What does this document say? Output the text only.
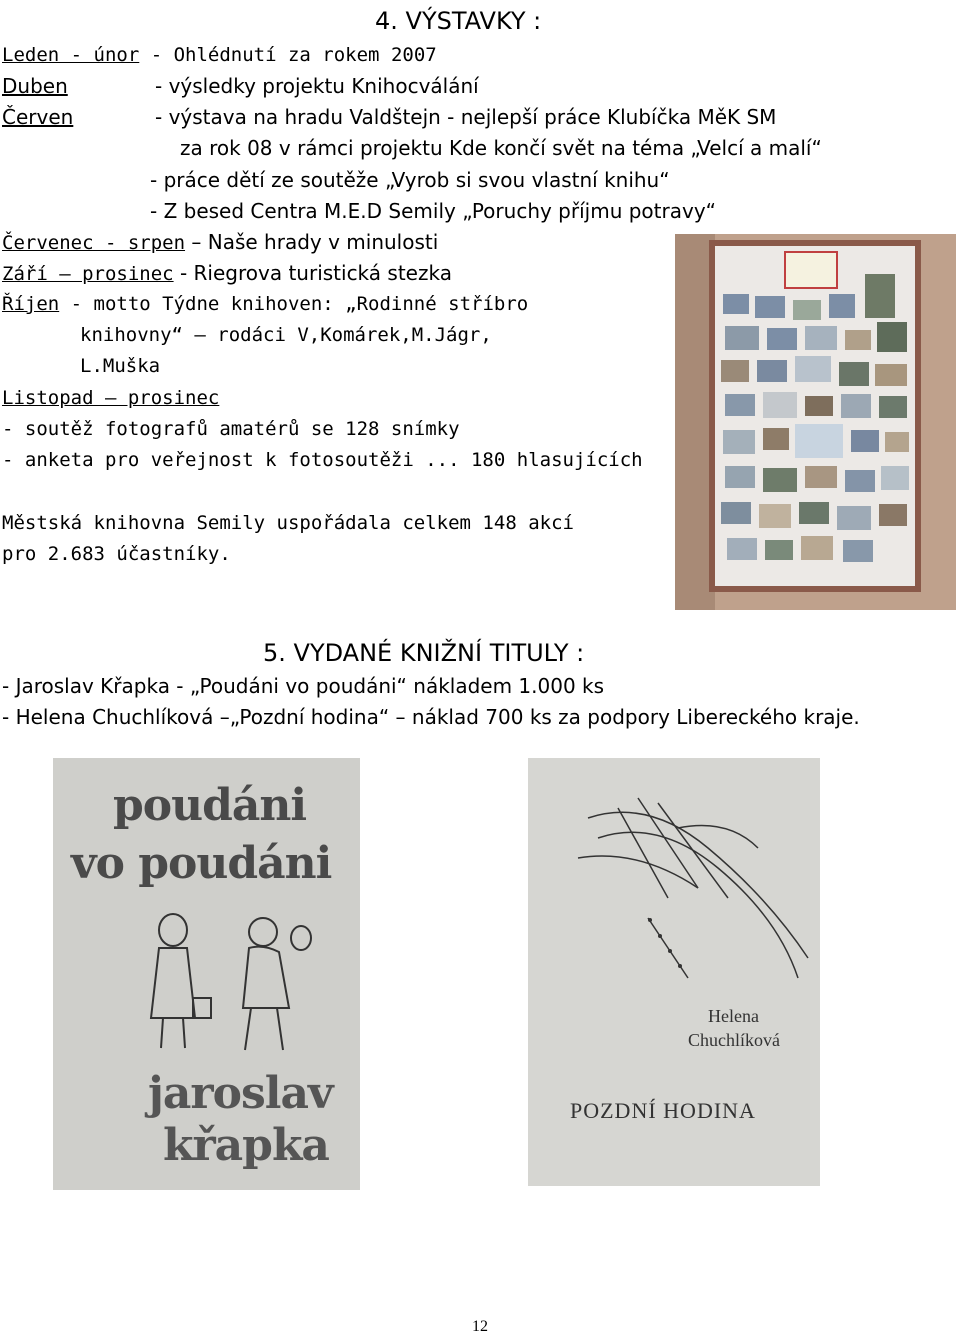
4. VÝSTAVKY :
Leden - únor - Ohlédnutí za rokem 2007
Duben	- výsledky projektu Knihocválání
Červen	- výstava na hradu Valdštejn - nejlepší práce Klubíčka MěK SM
za rok 08 v rámci projektu Kde končí svět na téma „Velcí a malí“
- práce dětí ze soutěže „Vyrob si svou vlastní knihu“
- Z besed Centra M.E.D Semily „Poruchy příjmu potravy“
Červenec - srpen – Naše hrady v minulosti
Září – prosinec - Riegrova turistická stezka
Říjen - motto Týdne knihoven: „Rodinné stříbro
knihovny“ – rodáci V,Komárek,M.Jágr,
L.Muška
Listopad – prosinec
- soutěž fotografů amatérů se 128 snímky
- anketa pro veřejnost k fotosoutěži ... 180 hlasujících
Městská knihovna Semily uspořádala celkem 148 akcí
pro 2.683 účastníky.
5. VYDANÉ KNIŽNÍ TITULY :
- Jaroslav Křapka - „Poudáni vo poudáni“ nákladem 1.000 ks
- Helena Chuchlíková –„Pozdní hodina“ – náklad 700 ks za podpory Libereckého kraje.
poudáni
vo poudáni
jaroslav
křapka
Helena
Chuchlíková
POZDNÍ HODINA
12
